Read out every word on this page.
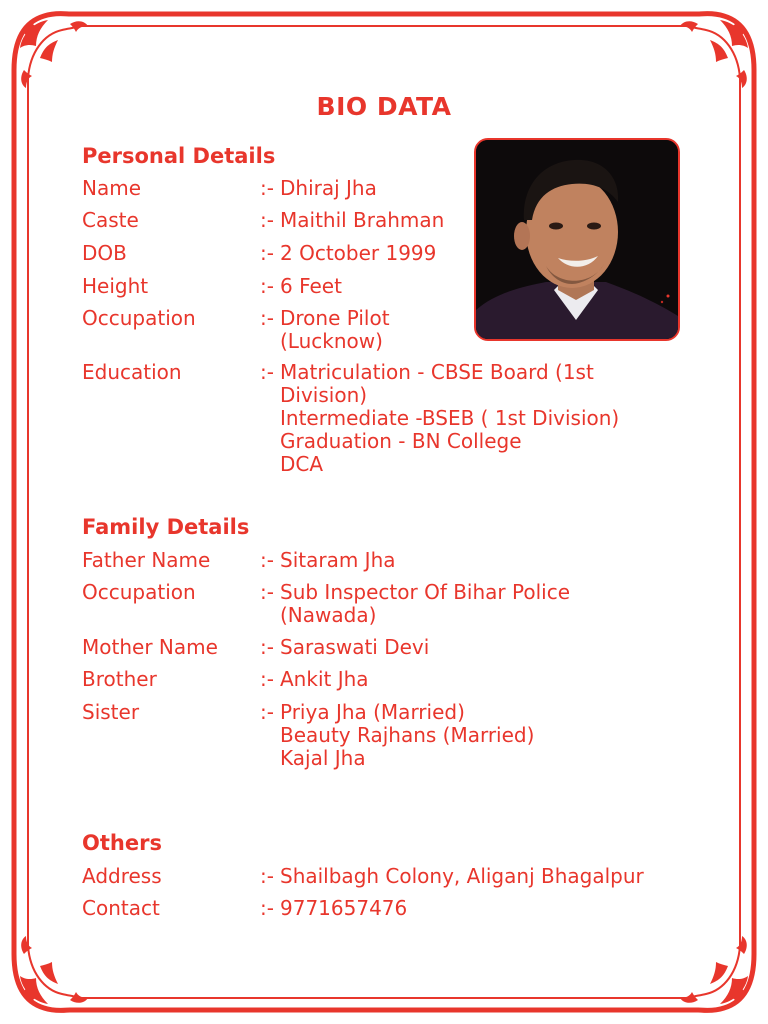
BIO DATA
Personal Details
Name	:- Dhiraj Jha
Caste	:- Maithil Brahman
DOB	:- 2 October 1999
Height	:- 6 Feet
Occupation	:- Drone Pilot
(Lucknow)
Education	:- Matriculation - CBSE Board (1st
Division)
Intermediate -BSEB ( 1st Division)
Graduation - BN College
DCA
Family Details
Father Name :- Sitaram Jha
Occupation	:- Sub Inspector Of Bihar Police
(Nawada)
Mother Name :- Saraswati Devi
Brother	:- Ankit Jha
Sister	:- Priya Jha (Married)
Beauty Rajhans (Married)
Kajal Jha
Others
Address	:- Shailbagh Colony, Aliganj Bhagalpur
Contact	:- 9771657476
